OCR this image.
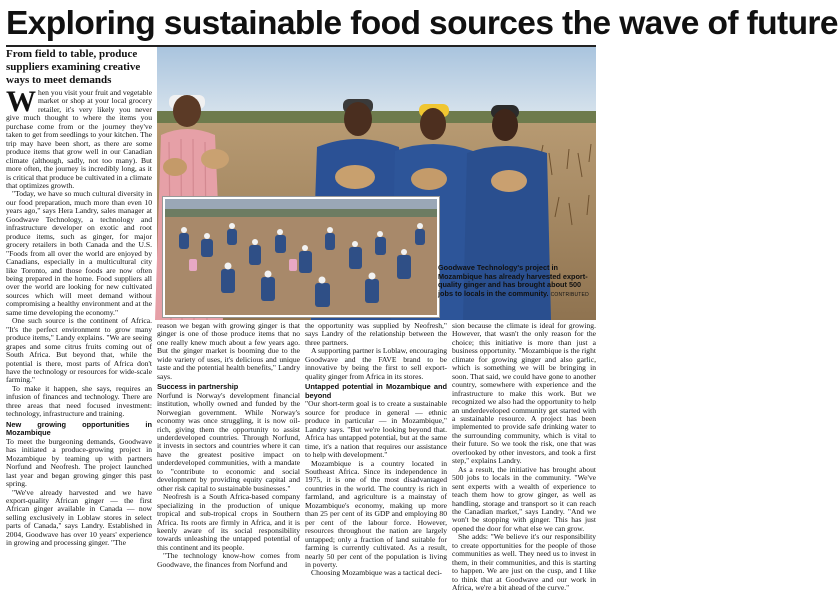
Exploring sustainable food sources the wave of future
From field to table, produce suppliers examining creative ways to meet demands

When you visit your fruit and vegetable market or shop at your local grocery retailer, it's very likely you never give much thought to where the items you purchase come from or the journey they've taken to get from seedlings to your kitchen. The trip may have been short, as there are some produce items that grow well in our Canadian climate (although, sadly, not too many). But more often, the journey is incredibly long, as it is critical that produce be cultivated in a climate that optimizes growth.

"Today, we have so much cultural diversity in our food preparation, much more than even 10 years ago," says Hera Landry, sales manager at Goodwave Technology, a technology and infrastructure developer on exotic and root produce items, such as ginger, for major grocery retailers in both Canada and the U.S. "Foods from all over the world are enjoyed by Canadians, especially in a multicultural city like Toronto, and those foods are now often being prepared in the home. Food suppliers all over the world are looking for new cultivated sources which will meet demand without compromising a healthy environment and at the same time developing the economy."

One such source is the continent of Africa. "It's the perfect environment to grow many produce items," Landy explains. "We are seeing grapes and some citrus fruits coming out of South Africa. But beyond that, while the potential is there, most parts of Africa don't have the technology or resources for wide-scale farming."

To make it happen, she says, requires an infusion of finances and technology. There are three areas that need focused investment: technology, infrastructure and training.

New growing opportunities in Mozambique

To meet the burgeoning demands, Goodwave has initiated a produce-growing project in Mozambique by teaming up with partners Norfund and Neofresh. The project launched last year and began growing ginger this past spring.

"We've already harvested and we have export-quality African ginger — the first African ginger available in Canada — now selling exclusively in Loblaw stores in select parts of Canada," says Landry. Established in 2004, Goodwave has over 10 years' experience in growing and processing ginger. "The

Goodwave Technology's project in Mozambique has already harvested export-quality ginger and has brought about 500 jobs to locals in the community. CONTRIBUTED

reason we began with growing ginger is that ginger is one of those produce items that no one really knew much about a few years ago. But the ginger market is booming due to the wide variety of uses, it's delicious and unique taste and the potential health benefits," Landry says.

Success in partnership

Norfund is Norway's development financial institution, wholly owned and funded by the Norwegian government. While Norway's economy was once struggling, it is now oil-rich, giving them the opportunity to assist underdeveloped countries. Through Norfund, it invests in sectors and countries where it can have the greatest positive impact on underdeveloped communities, with a mandate to "contribute to economic and social development by providing equity capital and other risk capital to sustainable businesses."

Neofresh is a South Africa-based company specializing in the production of unique tropical and sub-tropical crops in Southern Africa. Its roots are firmly in Africa, and it is keenly aware of its social responsibility towards unleashing the untapped potential of this continent and its people.

"The technology know-how comes from Goodwave, the finances from Norfund and

the opportunity was supplied by Neofresh," says Landry of the relationship between the three partners.

A supporting partner is Loblaw, encouraging Goodwave and the FAVE brand to be innovative by being the first to sell export-quality ginger from Africa in its stores.

Untapped potential in Mozambique and beyond

"Our short-term goal is to create a sustainable source for produce in general — ethnic produce in particular — in Mozambique," Landry says. "But we're looking beyond that. Africa has untapped potential, but at the same time, it's a nation that requires our assistance to help with development."

Mozambique is a country located in Southeast Africa. Since its independence in 1975, it is one of the most disadvantaged countries in the world. The country is rich in farmland, and agriculture is a mainstay of Mozambique's economy, making up more than 25 per cent of its GDP and employing 80 per cent of the labour force. However, resources throughout the nation are largely untapped; only a fraction of land suitable for farming is currently cultivated. As a result, nearly 50 per cent of the population is living in poverty.

Choosing Mozambique was a tactical deci-

sion because the climate is ideal for growing. However, that wasn't the only reason for the choice; this initiative is more than just a business opportunity. "Mozambique is the right climate for growing ginger and also garlic, which is something we will be bringing in soon. That said, we could have gone to another country, somewhere with experience and the infrastructure to make this work. But we recognized we also had the opportunity to help an underdeveloped community get started with a sustainable resource. A project has been implemented to provide safe drinking water to the surrounding community, which is vital to their future. So we took the risk, one that was overlooked by other investors, and took a first step," explains Landry.

As a result, the initiative has brought about 500 jobs to locals in the community. "We've sent experts with a wealth of experience to teach them how to grow ginger, as well as handling, storage and transport so it can reach the Canadian market," says Landry. "And we won't be stopping with ginger. This has just opened the door for what else we can grow.

She adds: "We believe it's our responsibility to create opportunities for the people of those communities as well. They need us to invest in them, in their communities, and this is starting to happen. We are just on the cusp, and I like to think that at Goodwave and our work in Africa, we're a bit ahead of the curve."
